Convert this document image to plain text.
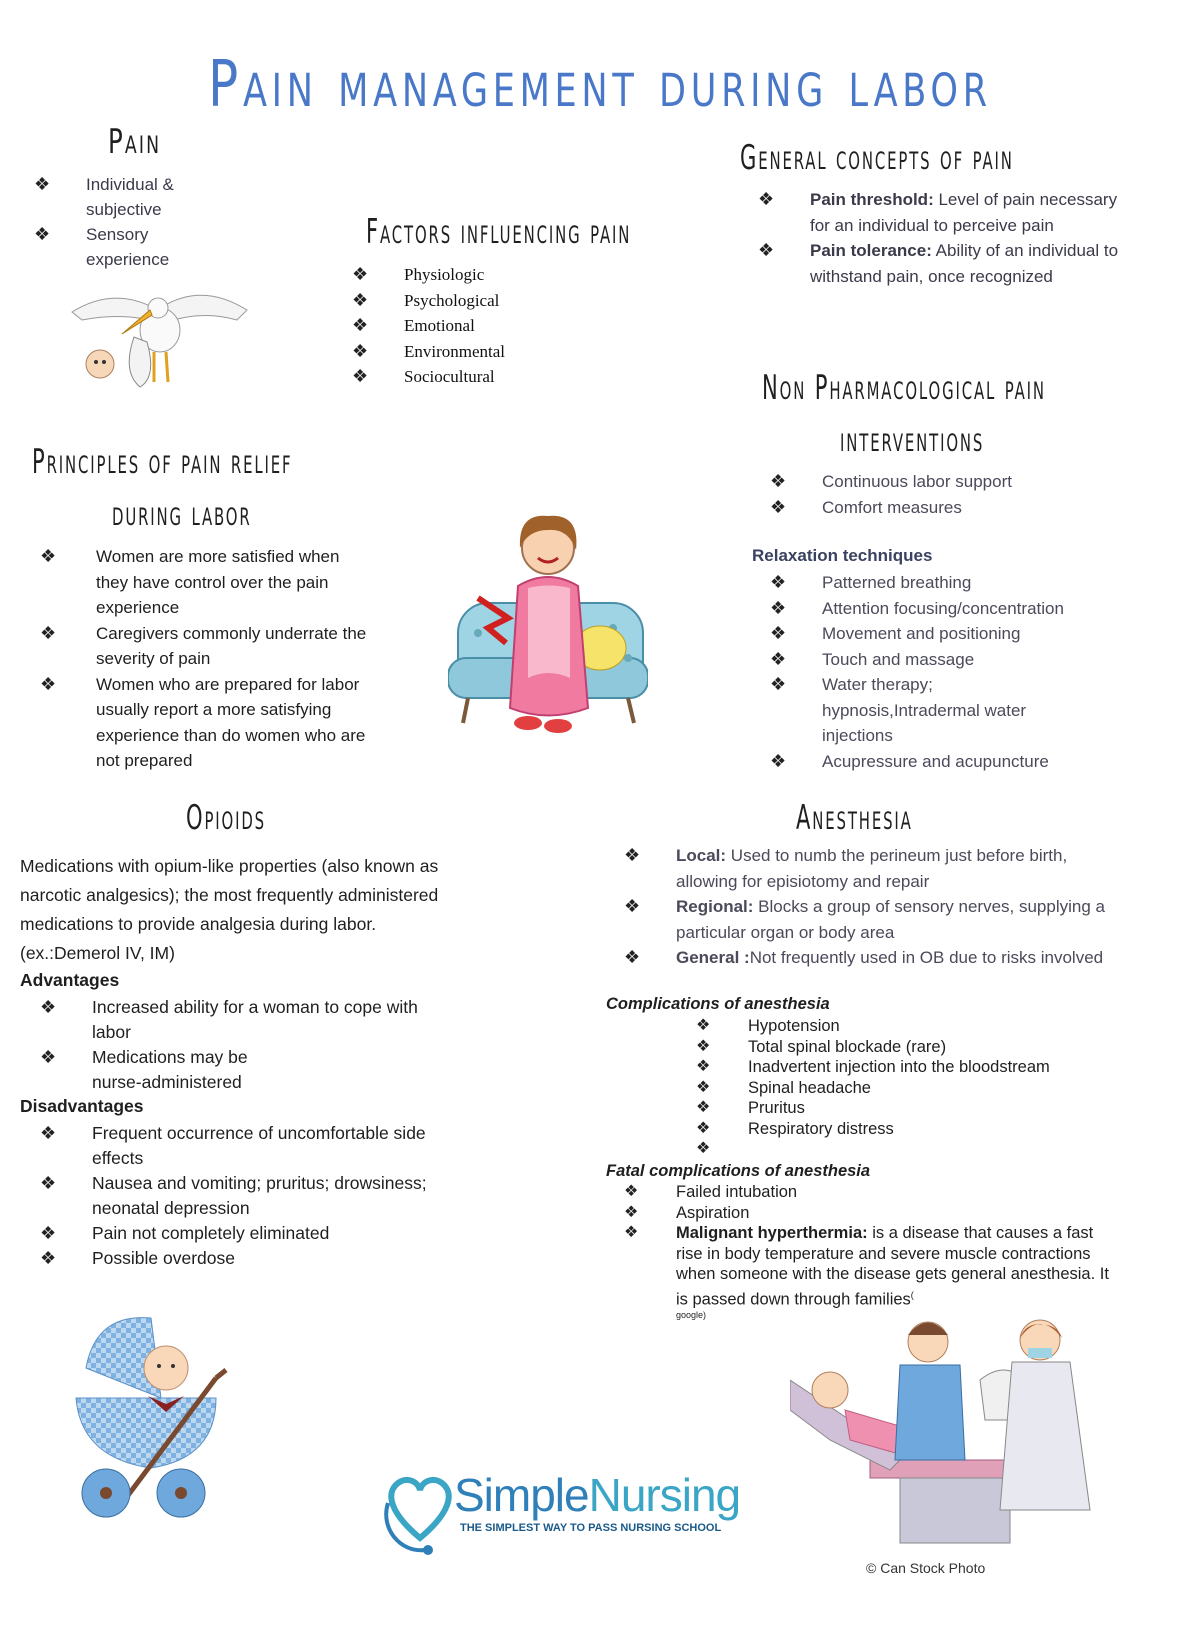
Pain management during labor
Pain
❖ Individual & subjective
❖ Sensory experience
Factors influencing pain
❖ Physiologic
❖ Psychological
❖ Emotional
❖ Environmental
❖ Sociocultural
General concepts of pain
❖ Pain threshold: Level of pain necessary for an individual to perceive pain
❖ Pain tolerance: Ability of an individual to withstand pain, once recognized
Non Pharmacological pain
interventions
❖ Continuous labor support
❖ Comfort measures
Relaxation techniques
❖ Patterned breathing
❖ Attention focusing/concentration
❖ Movement and positioning
❖ Touch and massage
❖ Water therapy; hypnosis,Intradermal water injections
❖ Acupressure and acupuncture
Principles of pain relief
during labor
❖ Women are more satisfied when they have control over the pain experience
❖ Caregivers commonly underrate the severity of pain
❖ Women who are prepared for labor usually report a more satisfying experience than do women who are not prepared
Opioids
Medications with opium-like properties (also known as narcotic analgesics); the most frequently administered medications to provide analgesia during labor. (ex.:Demerol IV, IM)
Advantages
❖ Increased ability for a woman to cope with labor
❖ Medications may be nurse-administered
Disadvantages
❖ Frequent occurrence of uncomfortable side effects
❖ Nausea and vomiting; pruritus; drowsiness; neonatal depression
❖ Pain not completely eliminated
❖ Possible overdose
Anesthesia
❖ Local: Used to numb the perineum just before birth, allowing for episiotomy and repair
❖ Regional: Blocks a group of sensory nerves, supplying a particular organ or body area
❖ General :Not frequently used in OB due to risks involved
Complications of anesthesia
❖ Hypotension
❖ Total spinal blockade (rare)
❖ Inadvertent injection into the bloodstream
❖ Spinal headache
❖ Pruritus
❖ Respiratory distress
❖
Fatal complications of anesthesia
❖ Failed intubation
❖ Aspiration
❖ Malignant hyperthermia: is a disease that causes a fast rise in body temperature and severe muscle contractions when someone with the disease gets general anesthesia. It is passed down through families(
google)
SimpleNursing
THE SIMPLEST WAY TO PASS NURSING SCHOOL
© Can Stock Photo
